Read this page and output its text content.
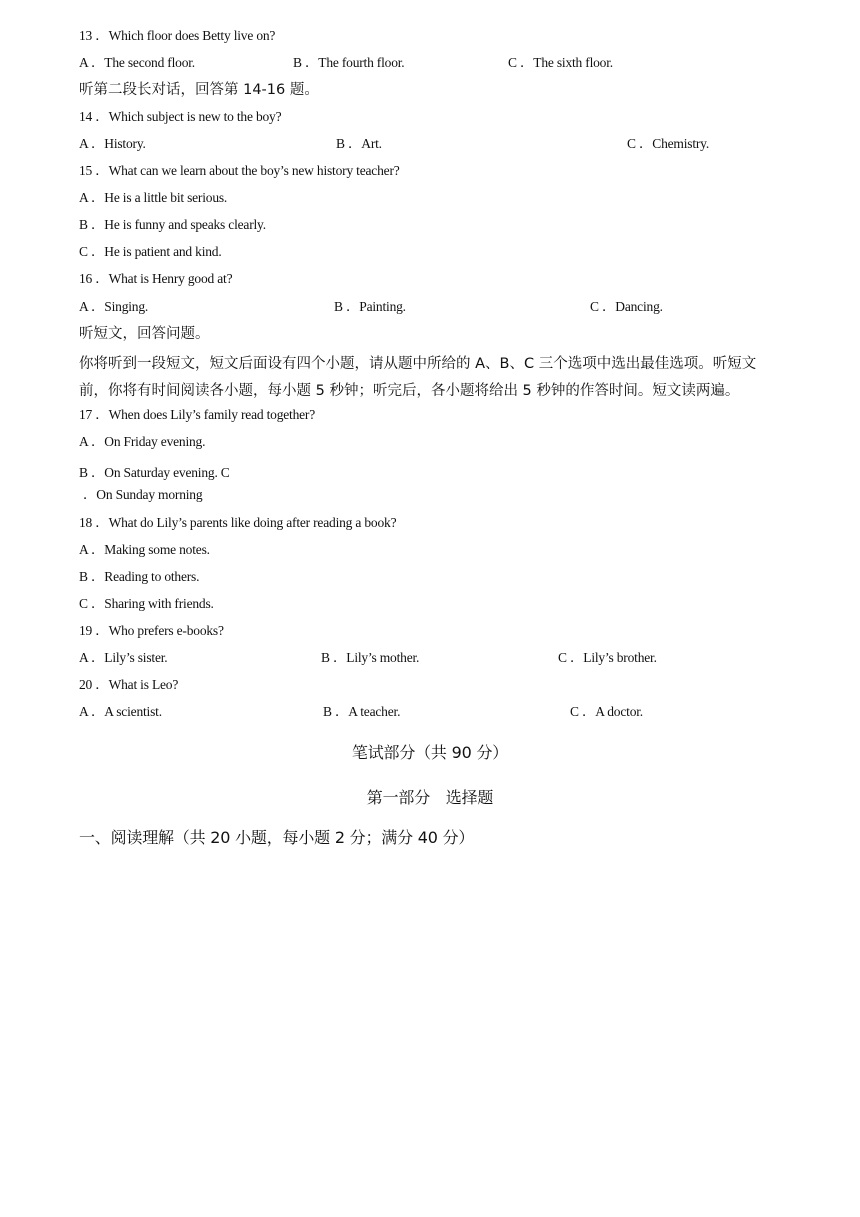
13 ．Which floor does Betty live on?
A ．The second floor.	B ．The fourth floor.	C ．The sixth floor.
听第二段长对话，回答第 14-16 题。
14 ．Which subject is new to the boy?
A ．History.	B ．Art.	C ．Chemistry.
15 ．What can we learn about the boy’s new history teacher?
A ．He is a little bit serious.
B ．He is funny and speaks clearly.
C ．He is patient and kind.
16 ．What is Henry good at?
A ．Singing.	B ．Painting.	C ．Dancing.
听短文，回答问题。
你将听到一段短文，短文后面设有四个小题，请从题中所给的 A、B、C 三个选项中选出最佳选项。听短文
前，你将有时间阅读各小题，每小题 5 秒钟；听完后，各小题将给出 5 秒钟的作答时间。短文读两遍。
17 ．When does Lily’s family read together?
A ．On Friday evening.
B ．On Saturday evening. C
．On Sunday morning
18 ．What do Lily’s parents like doing after reading a book?
A ．Making some notes.
B ．Reading to others.
C ．Sharing with friends.
19 ．Who prefers e-books?
A ．Lily’s sister.	B ．Lily’s mother.	C ．Lily’s brother.
20 ．What is Leo?
A ．A scientist.	B ．A teacher.	C ．A doctor.
笔试部分（共 90 分）
第一部分　选择题
一、阅读理解（共 20 小题，每小题 2 分；满分 40 分）
